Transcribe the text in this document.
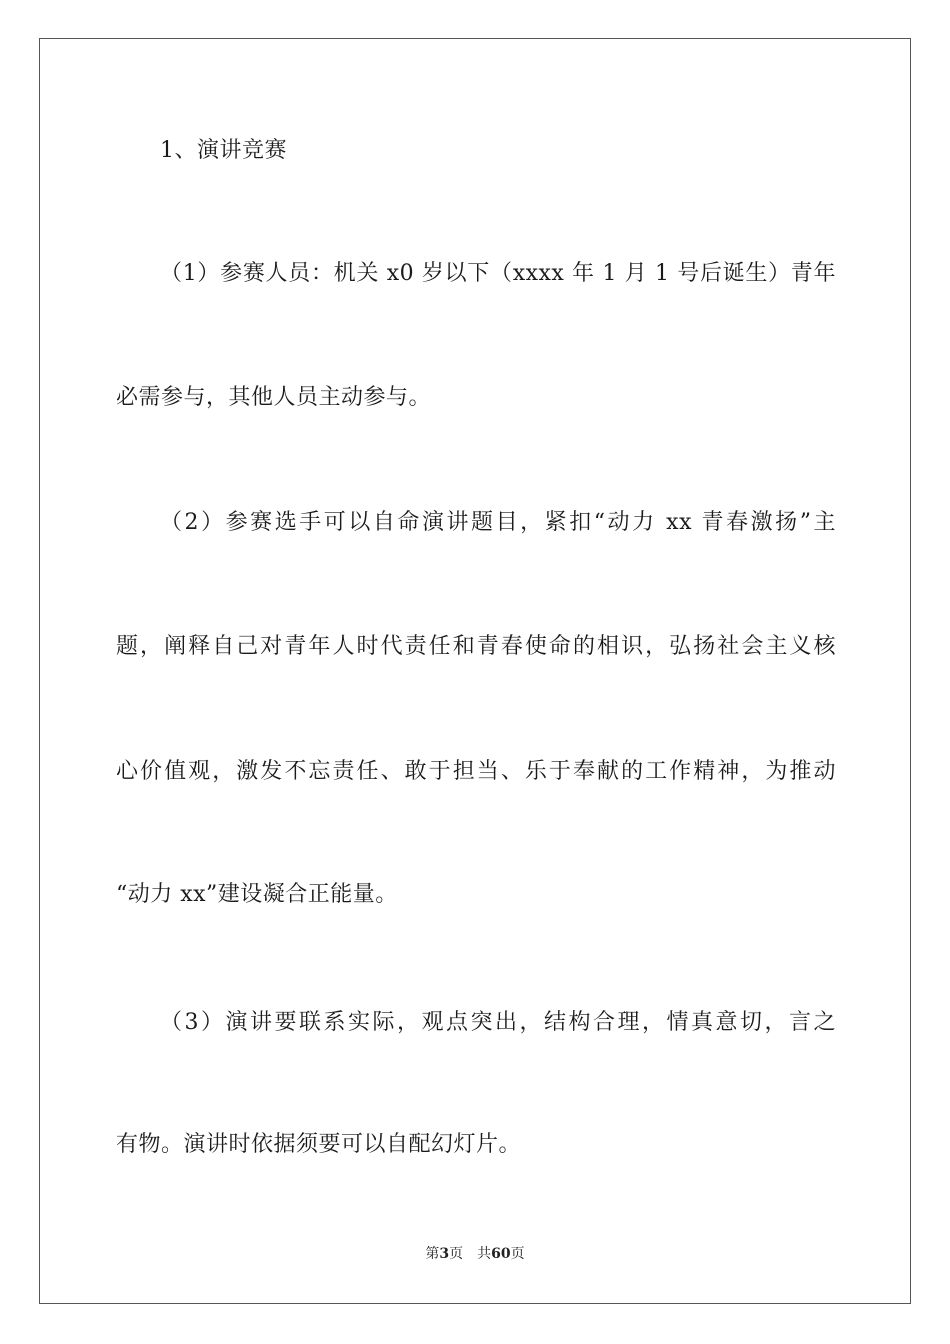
1、演讲竞赛
（1）参赛人员：机关 x0 岁以下（xxxx 年 1 月 1 号后诞生）青年
必需参与，其他人员主动参与。
（2）参赛选手可以自命演讲题目，紧扣“动力 xx 青春激扬”主
题，阐释自己对青年人时代责任和青春使命的相识，弘扬社会主义核
心价值观，激发不忘责任、敢于担当、乐于奉献的工作精神，为推动
“动力 xx”建设凝合正能量。
（3）演讲要联系实际，观点突出，结构合理，情真意切，言之
有物。演讲时依据须要可以自配幻灯片。
第3页 共60页
